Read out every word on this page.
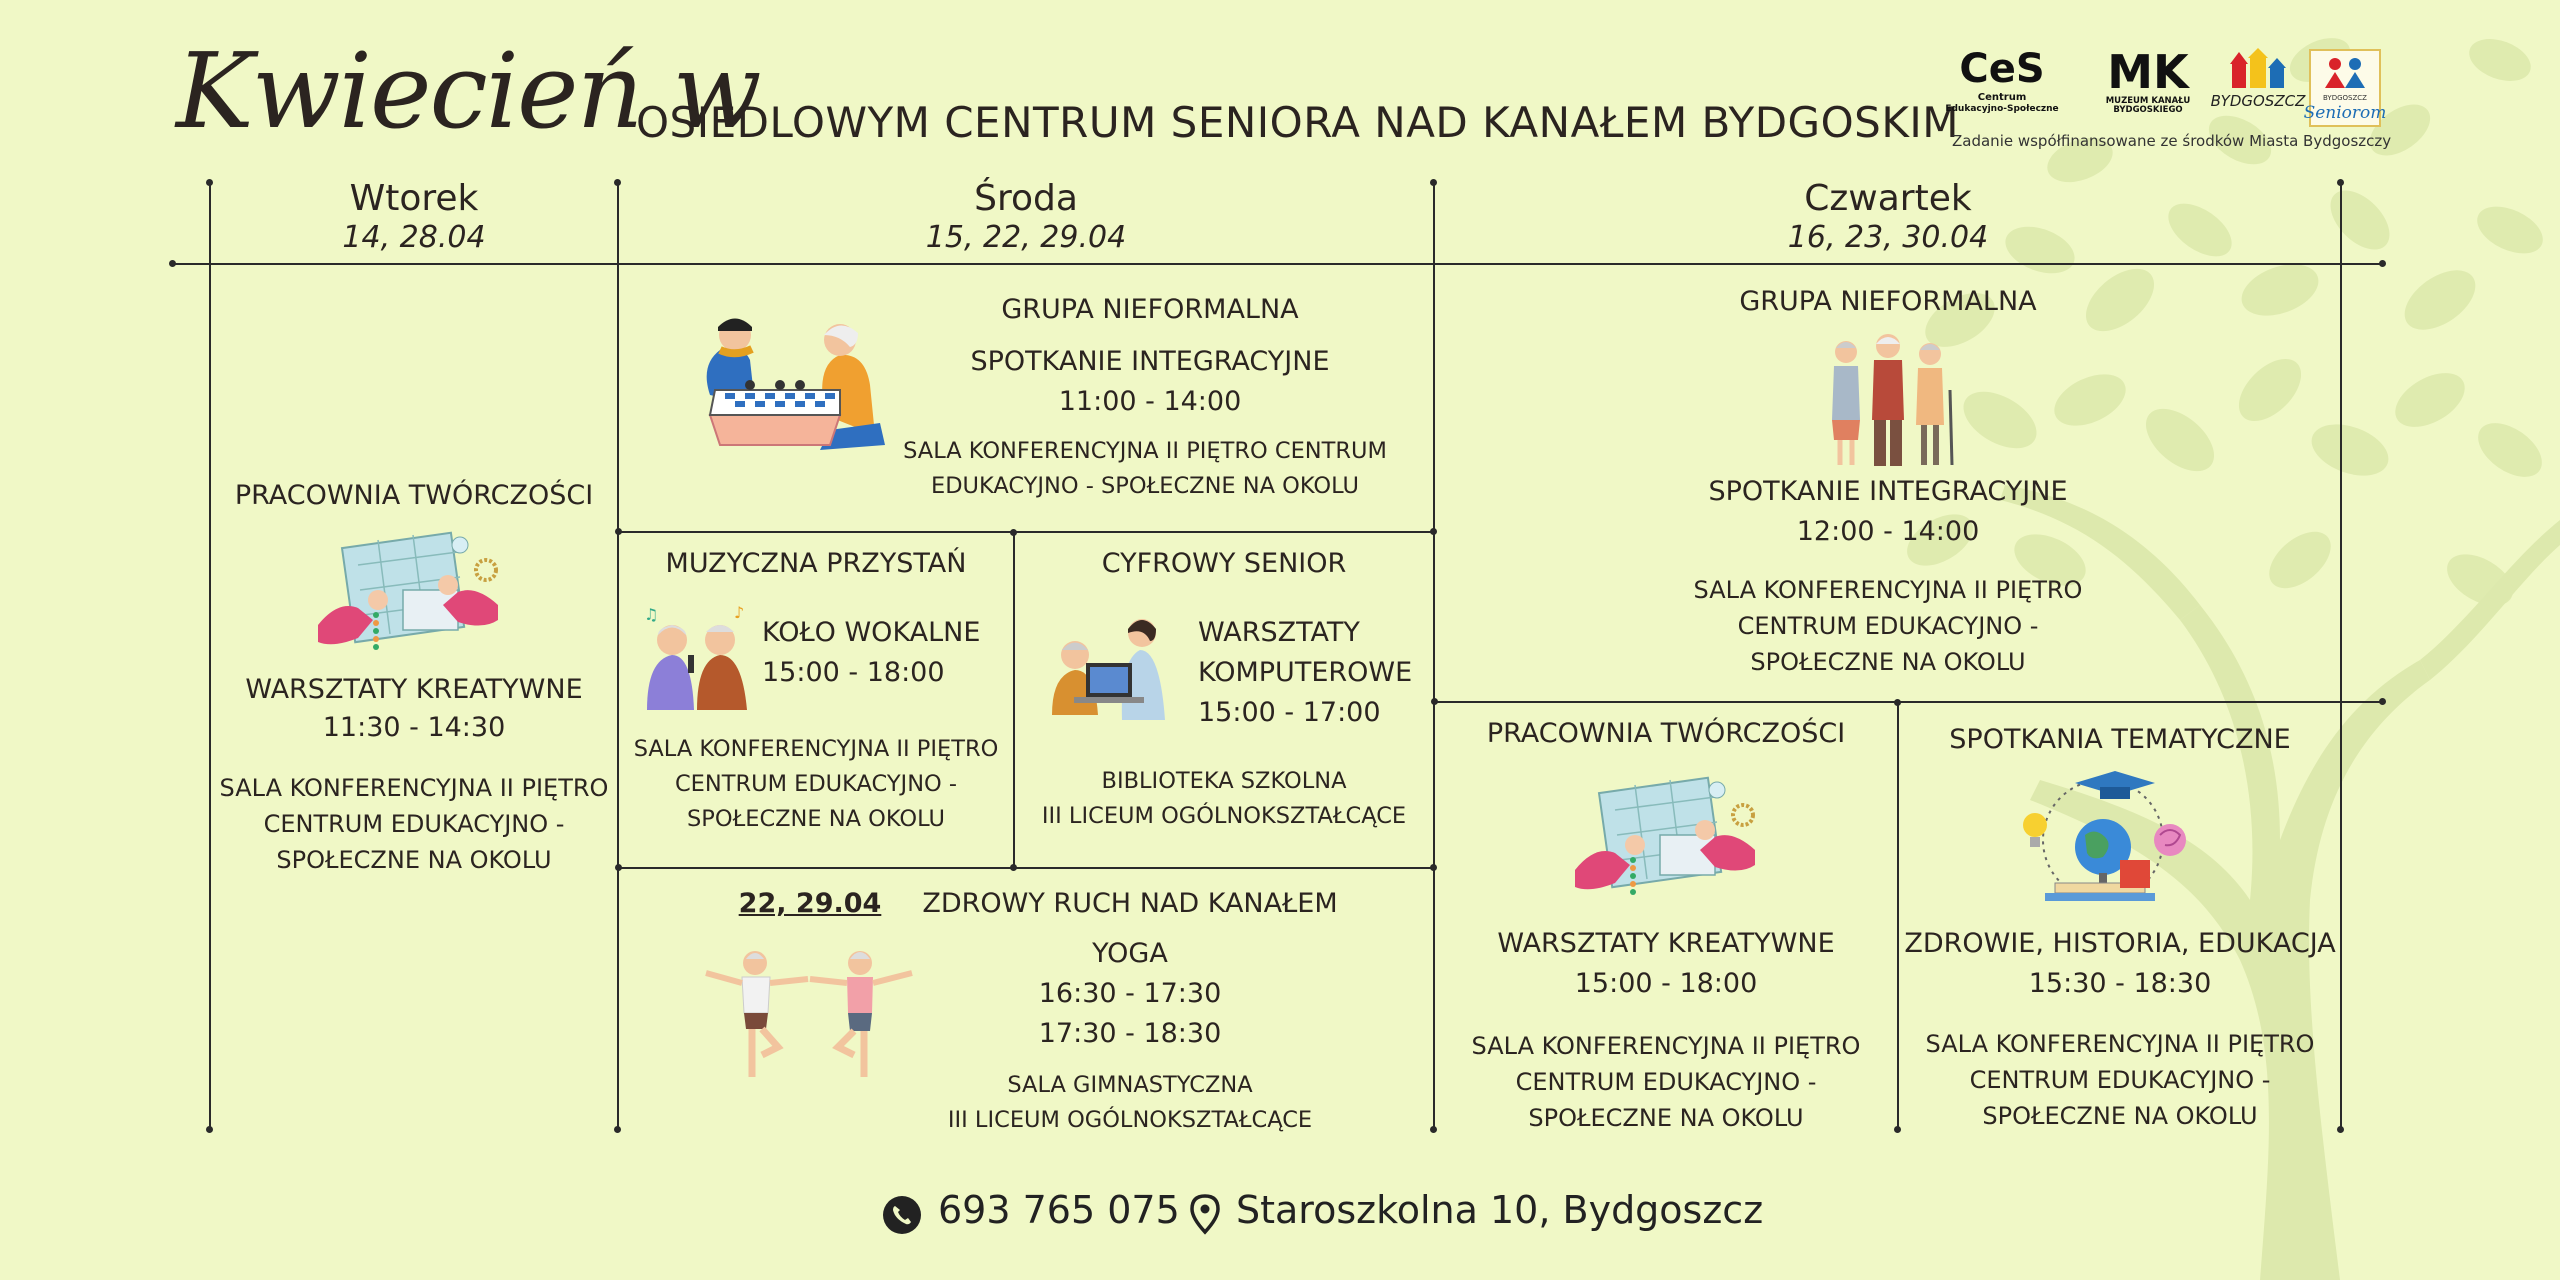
Kwiecień w
OSIEDLOWYM CENTRUM SENIORA NAD KANAŁEM BYDGOSKIM
CeS
Centrum
Edukacyjno-Społeczne
MK
MUZEUM KANAŁU
BYDGOSKIEGO BYDGOSZCZ	BYDGOSZCZ
Seniorom
Zadanie współfinansowane ze środków Miasta Bydgoszczy
Wtorek
14, 28.04
Środa
15, 22, 29.04
Czwartek
16, 23, 30.04
PRACOWNIA TWÓRCZOŚCI
WARSZTATY KREATYWNE
11:30 - 14:30
SALA KONFERENCYJNA II PIĘTRO
CENTRUM EDUKACYJNO -
SPOŁECZNE NA OKOLU
GRUPA NIEFORMALNA
SPOTKANIE INTEGRACYJNE
11:00 - 14:00
SALA KONFERENCYJNA II PIĘTRO CENTRUM
EDUKACYJNO - SPOŁECZNE NA OKOLU
MUZYCZNA PRZYSTAŃ
♫	♪
KOŁO WOKALNE
15:00 - 18:00
SALA KONFERENCYJNA II PIĘTRO
CENTRUM EDUKACYJNO -
SPOŁECZNE NA OKOLU
CYFROWY SENIOR
WARSZTATY
KOMPUTEROWE
15:00 - 17:00
BIBLIOTEKA SZKOLNA
III LICEUM OGÓLNOKSZTAŁCĄCE
22, 29.04	ZDROWY RUCH NAD KANAŁEM
YOGA
16:30 - 17:30
17:30 - 18:30
SALA GIMNASTYCZNA
III LICEUM OGÓLNOKSZTAŁCĄCE
GRUPA NIEFORMALNA
SPOTKANIE INTEGRACYJNE
12:00 - 14:00
SALA KONFERENCYJNA II PIĘTRO
CENTRUM EDUKACYJNO -
SPOŁECZNE NA OKOLU
PRACOWNIA TWÓRCZOŚCI
WARSZTATY KREATYWNE
15:00 - 18:00
SALA KONFERENCYJNA II PIĘTRO
CENTRUM EDUKACYJNO -
SPOŁECZNE NA OKOLU
SPOTKANIA TEMATYCZNE
ZDROWIE, HISTORIA, EDUKACJA
15:30 - 18:30
SALA KONFERENCYJNA II PIĘTRO
CENTRUM EDUKACYJNO -
SPOŁECZNE NA OKOLU
693 765 075 Staroszkolna 10, Bydgoszcz
